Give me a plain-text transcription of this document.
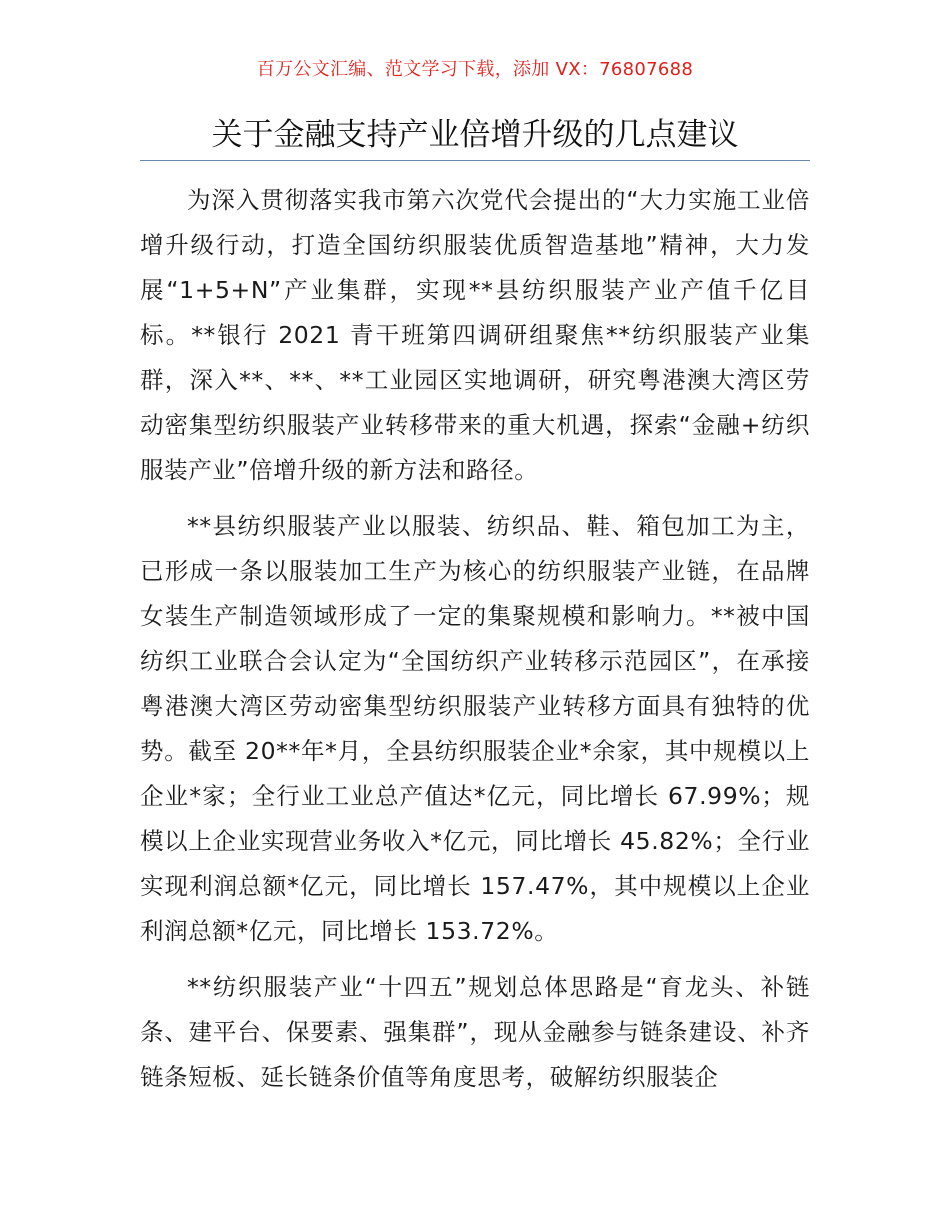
百万公文汇编、范文学习下载，添加 VX：76807688
关于金融支持产业倍增升级的几点建议

为深入贯彻落实我市第六次党代会提出的“大力实施工业倍增升级行动，打造全国纺织服装优质智造基地”精神，大力发展“1+5+N”产业集群，实现**县纺织服装产业产值千亿目标。**银行 2021 青干班第四调研组聚焦**纺织服装产业集群，深入**、**、**工业园区实地调研，研究粤港澳大湾区劳动密集型纺织服装产业转移带来的重大机遇，探索“金融+纺织服装产业”倍增升级的新方法和路径。

**县纺织服装产业以服装、纺织品、鞋、箱包加工为主，已形成一条以服装加工生产为核心的纺织服装产业链，在品牌女装生产制造领域形成了一定的集聚规模和影响力。**被中国纺织工业联合会认定为“全国纺织产业转移示范园区”，在承接粤港澳大湾区劳动密集型纺织服装产业转移方面具有独特的优势。截至 20**年*月，全县纺织服装企业*余家，其中规模以上企业*家；全行业工业总产值达*亿元，同比增长 67.99%；规模以上企业实现营业务收入*亿元，同比增长 45.82%；全行业实现利润总额*亿元，同比增长 157.47%，其中规模以上企业利润总额*亿元，同比增长 153.72%。

**纺织服装产业“十四五”规划总体思路是“育龙头、补链条、建平台、保要素、强集群”，现从金融参与链条建设、补齐链条短板、延长链条价值等角度思考，破解纺织服装企
